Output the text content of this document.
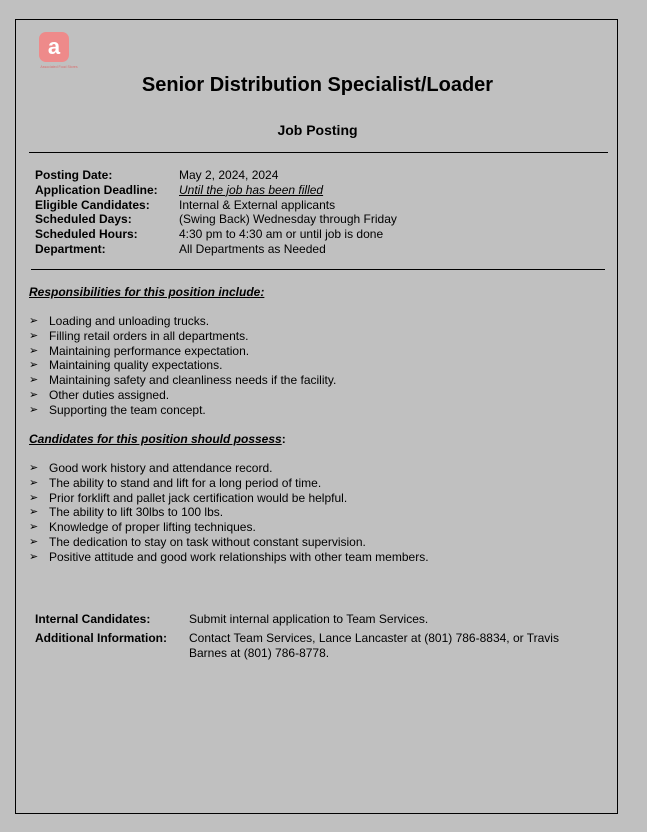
a
Associated Food Stores
Senior Distribution Specialist/Loader
Job Posting
Posting Date:	May 2, 2024, 2024
Application Deadline:	Until the job has been filled
Eligible Candidates:	Internal & External applicants
Scheduled Days:	(Swing Back) Wednesday through Friday
Scheduled Hours:	4:30 pm to 4:30 am or until job is done
Department:	All Departments as Needed
Responsibilities for this position include:
➢ Loading and unloading trucks.
➢ Filling retail orders in all departments.
➢ Maintaining performance expectation.
➢ Maintaining quality expectations.
➢ Maintaining safety and cleanliness needs if the facility.
➢ Other duties assigned.
➢ Supporting the team concept.
Candidates for this position should possess:
➢ Good work history and attendance record.
➢ The ability to stand and lift for a long period of time.
➢ Prior forklift and pallet jack certification would be helpful.
➢ The ability to lift 30lbs to 100 lbs.
➢ Knowledge of proper lifting techniques.
➢ The dedication to stay on task without constant supervision.
➢ Positive attitude and good work relationships with other team members.
Internal Candidates:	Submit internal application to Team Services.
Additional Information:	Contact Team Services, Lance Lancaster at (801) 786-8834, or Travis Barnes at (801) 786-8778.
